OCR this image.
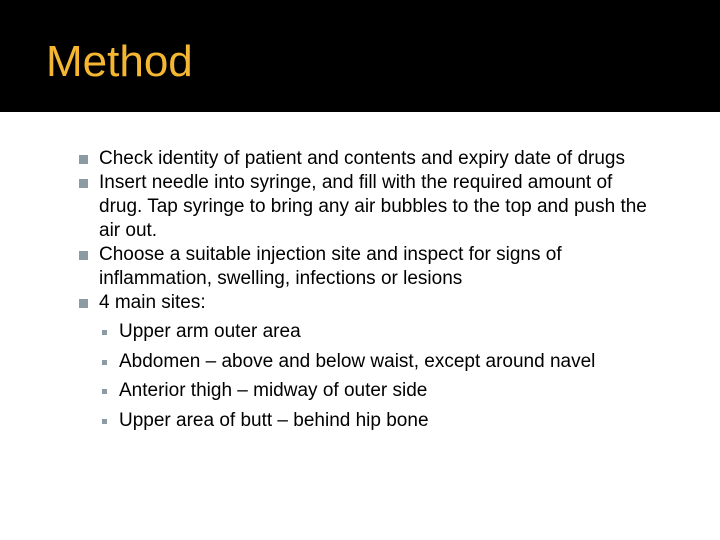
Method
Check identity of patient and contents and expiry date of drugs
Insert needle into syringe, and fill with the required amount of drug. Tap syringe to bring any air bubbles to the top and push the air out.
Choose a suitable injection site and inspect for signs of inflammation, swelling, infections or lesions
4 main sites:
Upper arm outer area
Abdomen – above and below waist, except around navel
Anterior thigh – midway of outer side
Upper area of butt – behind hip bone
